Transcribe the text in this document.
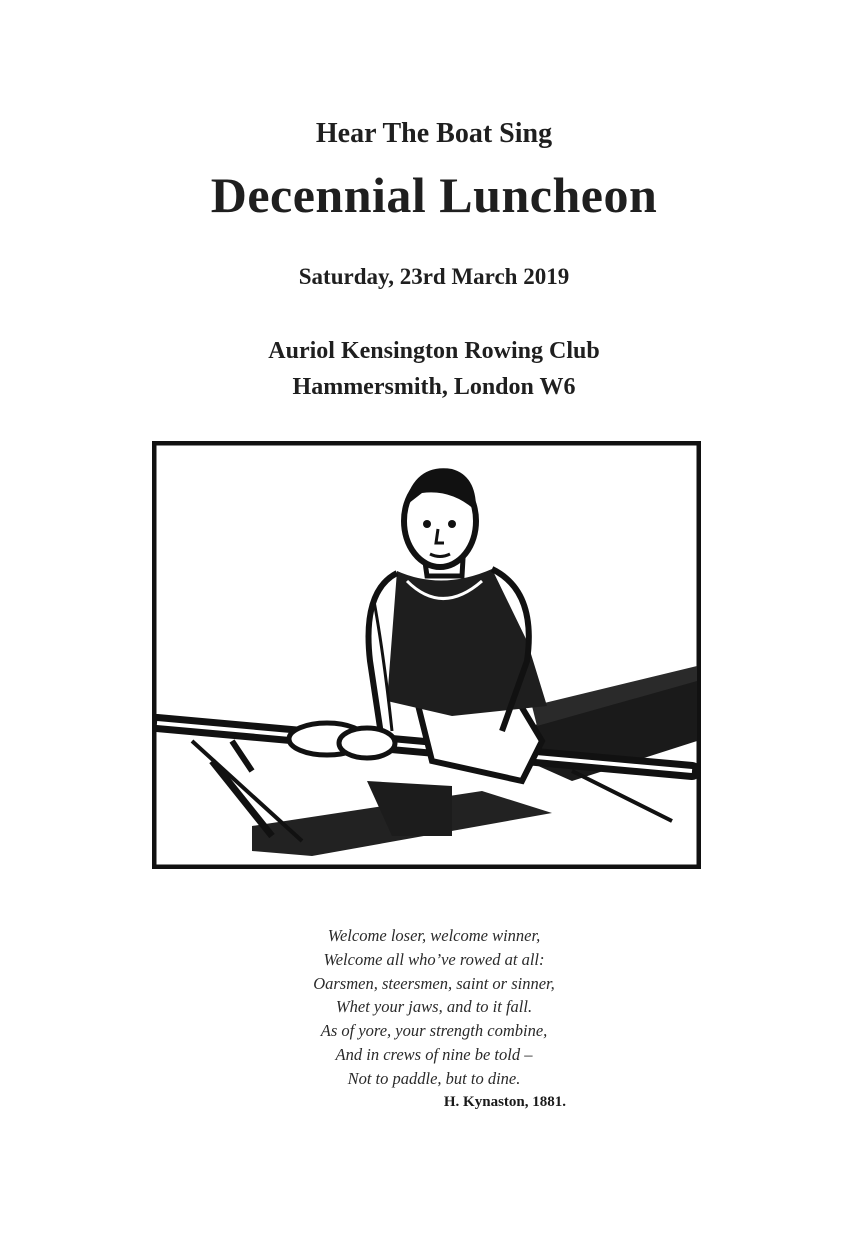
Hear The Boat Sing
Decennial Luncheon
Saturday, 23rd March 2019
Auriol Kensington Rowing Club
Hammersmith, London W6
Welcome loser, welcome winner,
Welcome all who’ve rowed at all:
Oarsmen, steersmen, saint or sinner,
Whet your jaws, and to it fall.
As of yore, your strength combine,
And in crews of nine be told –
Not to paddle, but to dine.
H. Kynaston, 1881.
